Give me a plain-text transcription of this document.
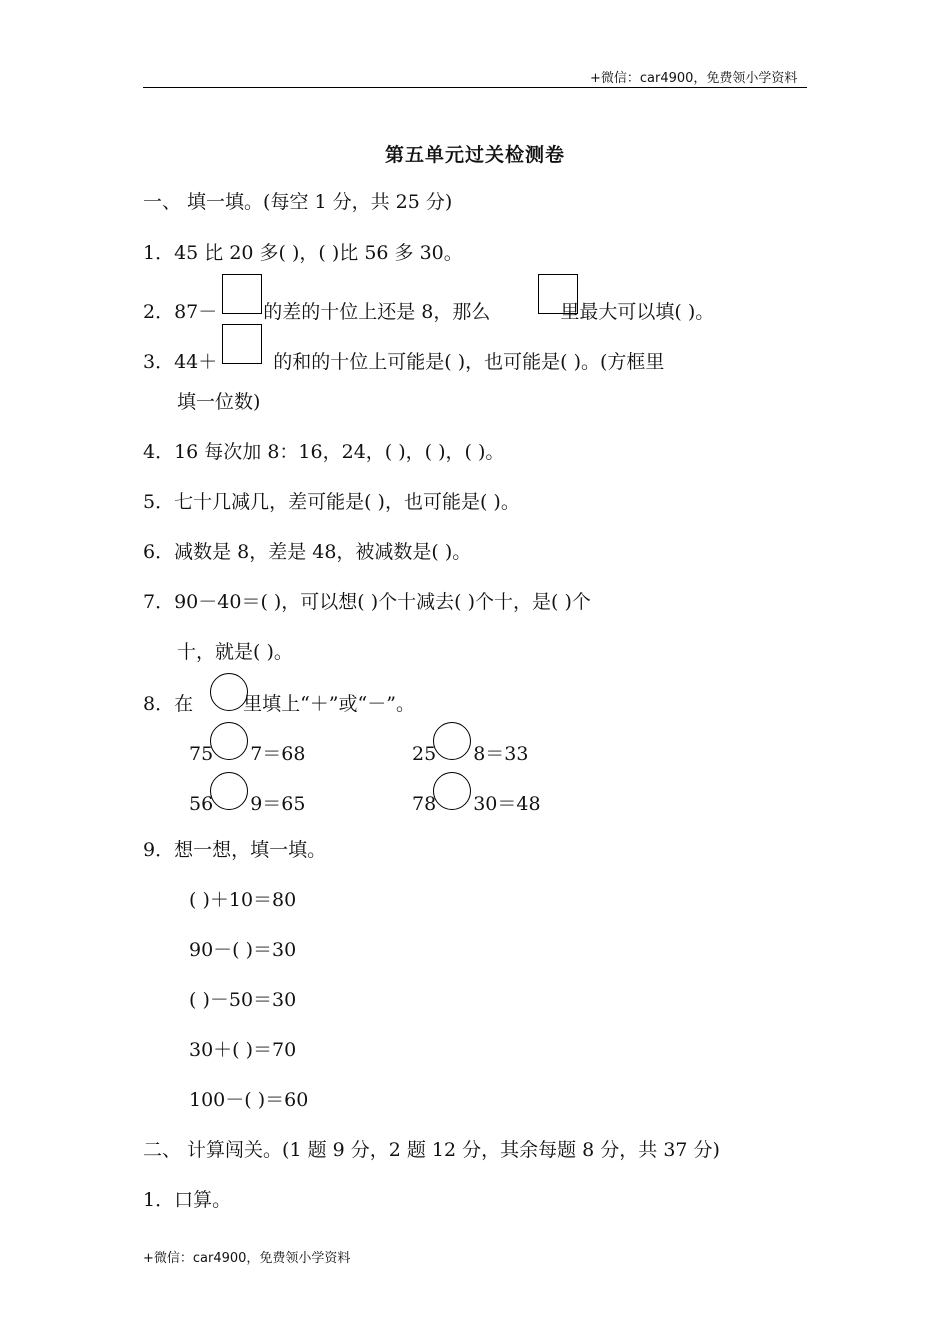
+微信：car4900，免费领小学资料
第五单元过关检测卷
一、 填一填。(每空 1 分，共 25 分)
1．45 比 20 多( )，( )比 56 多 30。
2．87－ 的差的十位上还是 8，那么	里最大可以填( )。
3．44＋	的和的十位上可能是( )，也可能是( )。(方框里
填一位数)
4．16 每次加 8：16，24，( )，( )，( )。
5．七十几减几，差可能是( )，也可能是( )。
6．减数是 8，差是 48，被减数是( )。
7．90－40＝( )，可以想( )个十减去( )个十，是( )个
十，就是( )。
8．在	里填上“＋”或“－”。
75 7＝68	25 8＝33
56 9＝65	78 30＝48
9．想一想，填一填。
( )＋10＝80
90－( )＝30
( )－50＝30
30＋( )＝70
100－( )＝60
二、 计算闯关。(1 题 9 分，2 题 12 分，其余每题 8 分，共 37 分)
1．口算。
+微信：car4900，免费领小学资料
